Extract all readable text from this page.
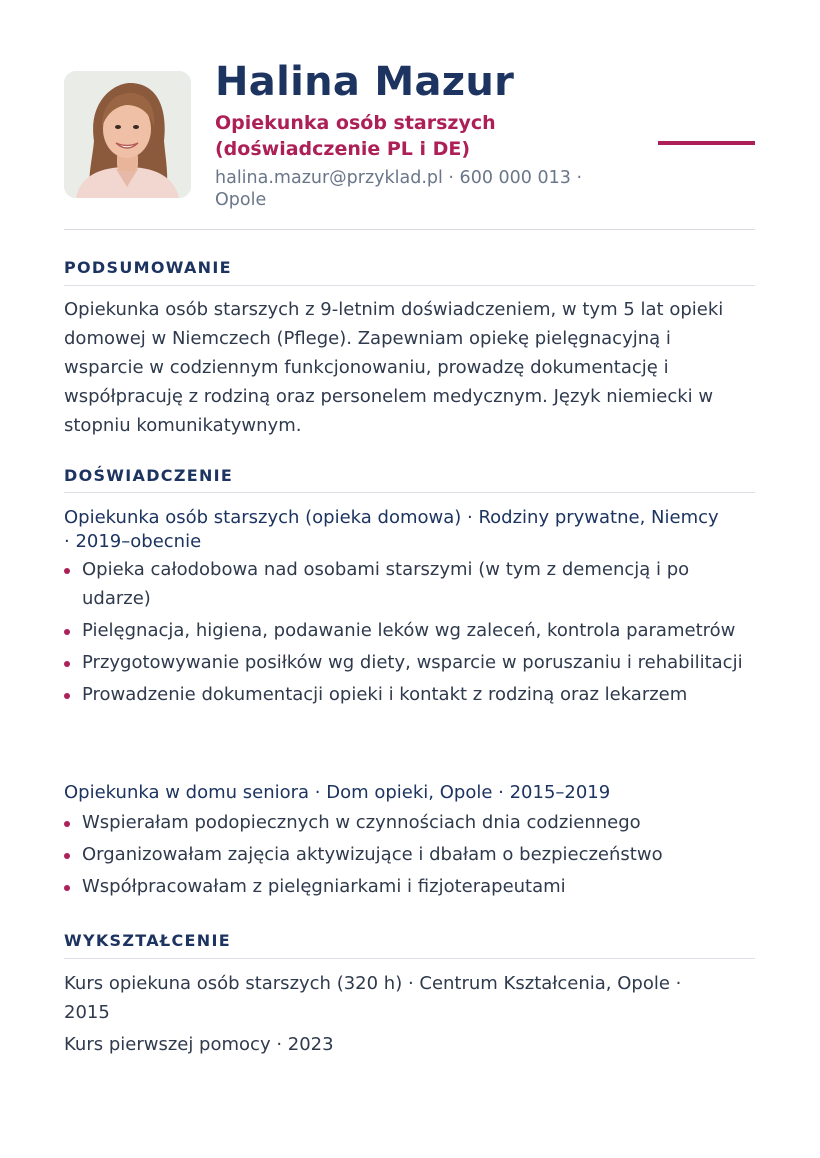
Halina Mazur

Opiekunka osób starszych (doświadczenie PL i DE)

halina.mazur@przyklad.pl · 600 000 013 · Opole
PODSUMOWANIE

Opiekunka osób starszych z 9-letnim doświadczeniem, w tym 5 lat opieki domowej w Niemczech (Pflege). Zapewniam opiekę pielęgnacyjną i wsparcie w codziennym funkcjonowaniu, prowadzę dokumentację i współpracuję z rodziną oraz personelem medycznym. Język niemiecki w stopniu komunikatywnym.

DOŚWIADCZENIE

Opiekunka osób starszych (opieka domowa) · Rodziny prywatne, Niemcy · 2019–obecnie

Opieka całodobowa nad osobami starszymi (w tym z demencją i po udarze)
Pielęgnacja, higiena, podawanie leków wg zaleceń, kontrola parametrów
Przygotowywanie posiłków wg diety, wsparcie w poruszaniu i rehabilitacji
Prowadzenie dokumentacji opieki i kontakt z rodziną oraz lekarzem

Opiekunka w domu seniora · Dom opieki, Opole · 2015–2019

Wspierałam podopiecznych w czynnościach dnia codziennego
Organizowałam zajęcia aktywizujące i dbałam o bezpieczeństwo
Współpracowałam z pielęgniarkami i fizjoterapeutami
WYKSZTAŁCENIE

Kurs opiekuna osób starszych (320 h) · Centrum Kształcenia, Opole · 2015

Kurs pierwszej pomocy · 2023
